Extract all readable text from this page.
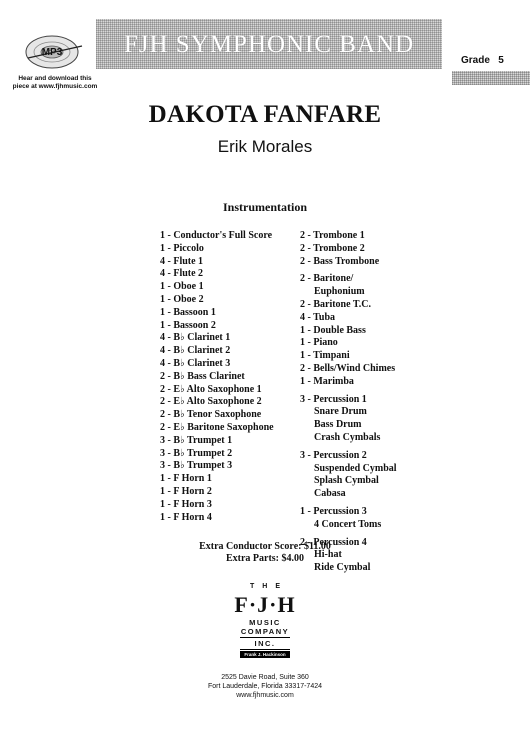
MP3
Hear and download this
piece at www.fjhmusic.com
FJH SYMPHONIC BAND
Grade 5
DAKOTA FANFARE
Erik Morales
Instrumentation
1 - Conductor's Full Score
1 - Piccolo
4 - Flute 1
4 - Flute 2
1 - Oboe 1
1 - Oboe 2
1 - Bassoon 1
1 - Bassoon 2
4 - B♭ Clarinet 1
4 - B♭ Clarinet 2
4 - B♭ Clarinet 3
2 - B♭ Bass Clarinet
2 - E♭ Alto Saxophone 1
2 - E♭ Alto Saxophone 2
2 - B♭ Tenor Saxophone
2 - E♭ Baritone Saxophone
3 - B♭ Trumpet 1
3 - B♭ Trumpet 2
3 - B♭ Trumpet 3
1 - F Horn 1
1 - F Horn 2
1 - F Horn 3
1 - F Horn 4
2 - Trombone 1
2 - Trombone 2
2 - Bass Trombone
2 - Baritone/
Euphonium
2 - Baritone T.C.
4 - Tuba
1 - Double Bass
1 - Piano
1 - Timpani
2 - Bells/Wind Chimes
1 - Marimba
3 - Percussion 1
Snare Drum
Bass Drum
Crash Cymbals
3 - Percussion 2
Suspended Cymbal
Splash Cymbal
Cabasa
1 - Percussion 3
4 Concert Toms
2 - Percussion 4
Hi-hat
Ride Cymbal
Extra Conductor Score: $11.00
Extra Parts: $4.00
THE
F·J·H
MUSIC
COMPANY
INC.
Frank J. Hackinson
2525 Davie Road, Suite 360
Fort Lauderdale, Florida 33317-7424
www.fjhmusic.com
